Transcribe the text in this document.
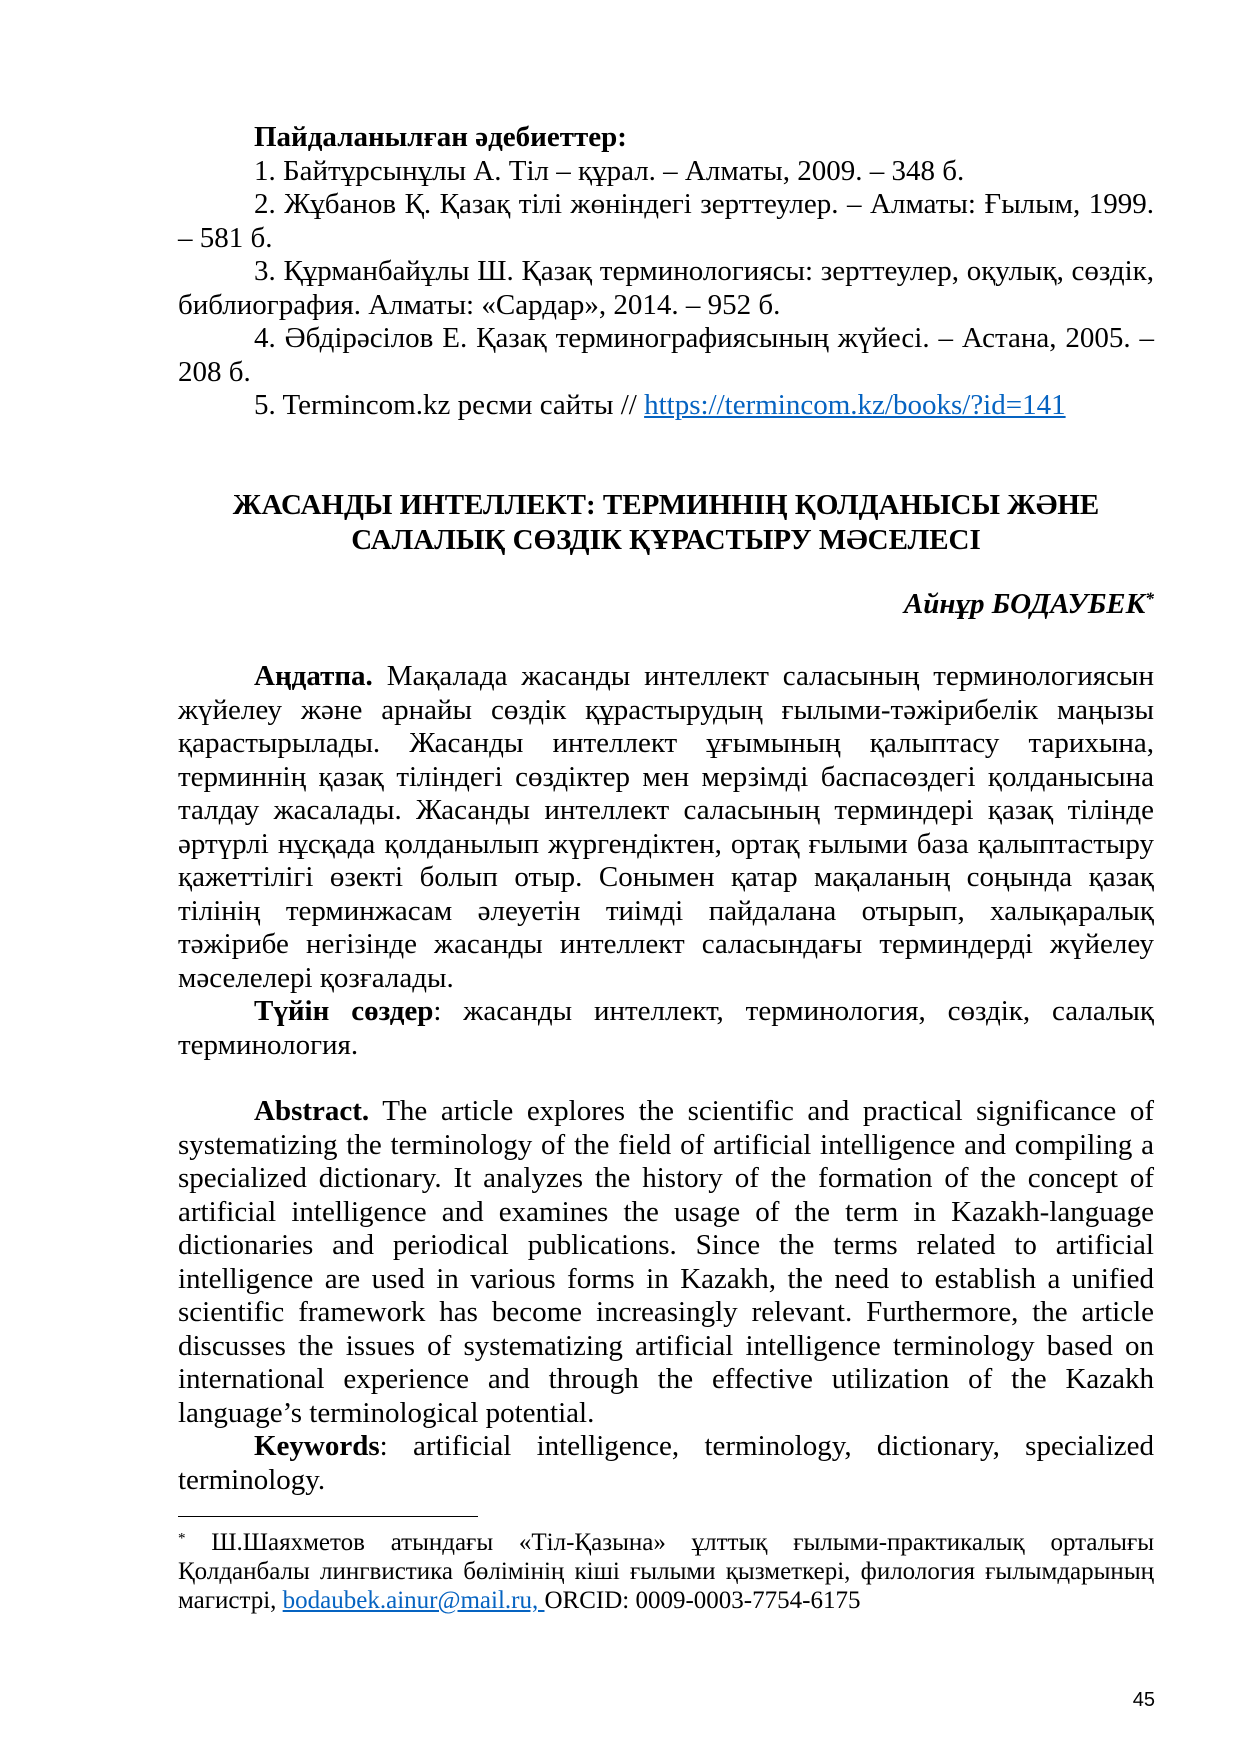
Пайдаланылған әдебиеттер:
1. Байтұрсынұлы А. Тіл – құрал. – Алматы, 2009. – 348 б.
2. Жұбанов Қ. Қазақ тілі жөніндегі зерттеулер. – Алматы: Ғылым, 1999.
– 581 б.
3. Құрманбайұлы Ш. Қазақ терминологиясы: зерттеулер, оқулық, сөздік,
библиография. Алматы: «Сардар», 2014. – 952 б.
4. Әбдірәсілов Е. Қазақ терминографиясының жүйесі. – Астана, 2005. –
208 б.
5. Termincom.kz ресми сайты // https://termincom.kz/books/?id=141
ЖАСАНДЫ ИНТЕЛЛЕКТ: ТЕРМИННІҢ ҚОЛДАНЫСЫ ЖӘНЕ
САЛАЛЫҚ СӨЗДІК ҚҰРАСТЫРУ МӘСЕЛЕСІ
Айнұр БОДАУБЕК*
Аңдатпа. Мақалада жасанды интеллект саласының терминологиясын
жүйелеу және арнайы сөздік құрастырудың ғылыми-тәжірибелік маңызы
қарастырылады. Жасанды интеллект ұғымының қалыптасу тарихына,
терминнің қазақ тіліндегі сөздіктер мен мерзімді баспасөздегі қолданысына
талдау жасалады. Жасанды интеллект саласының терминдері қазақ тілінде
әртүрлі нұсқада қолданылып жүргендіктен, ортақ ғылыми база қалыптастыру
қажеттілігі өзекті болып отыр. Сонымен қатар мақаланың соңында қазақ
тілінің терминжасам әлеуетін тиімді пайдалана отырып, халықаралық
тәжірибе негізінде жасанды интеллект саласындағы терминдерді жүйелеу
мәселелері қозғалады.
Түйін сөздер: жасанды интеллект, терминология, сөздік, салалық
терминология.
Abstract. The article explores the scientific and practical significance of
systematizing the terminology of the field of artificial intelligence and compiling a
specialized dictionary. It analyzes the history of the formation of the concept of
artificial intelligence and examines the usage of the term in Kazakh-language
dictionaries and periodical publications. Since the terms related to artificial
intelligence are used in various forms in Kazakh, the need to establish a unified
scientific framework has become increasingly relevant. Furthermore, the article
discusses the issues of systematizing artificial intelligence terminology based on
international experience and through the effective utilization of the Kazakh
language’s terminological potential.
Keywords: artificial intelligence, terminology, dictionary, specialized
terminology.
* Ш.Шаяхметов атындағы «Тіл-Қазына» ұлттық ғылыми-практикалық орталығы
Қолданбалы лингвистика бөлімінің кіші ғылыми қызметкері, филология ғылымдарының
магистрі, bodaubek.ainur@mail.ru, ORCID: 0009-0003-7754-6175
45
